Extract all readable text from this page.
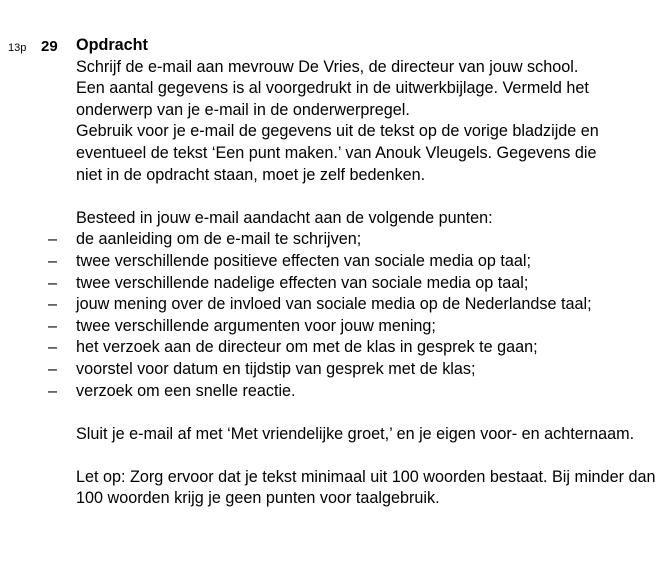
13p 29 Opdracht

Schrijf de e-mail aan mevrouw De Vries, de directeur van jouw school.

Een aantal gegevens is al voorgedrukt in de uitwerkbijlage. Vermeld het

onderwerp van je e-mail in de onderwerpregel.

Gebruik voor je e-mail de gegevens uit de tekst op de vorige bladzijde en

eventueel de tekst ‘Een punt maken.’ van Anouk Vleugels. Gegevens die

niet in de opdracht staan, moet je zelf bedenken.

Besteed in jouw e-mail aandacht aan de volgende punten:

– de aanleiding om de e-mail te schrijven;
– twee verschillende positieve effecten van sociale media op taal;
– twee verschillende nadelige effecten van sociale media op taal;
– jouw mening over de invloed van sociale media op de Nederlandse taal;
– twee verschillende argumenten voor jouw mening;
– het verzoek aan de directeur om met de klas in gesprek te gaan;
– voorstel voor datum en tijdstip van gesprek met de klas;
– verzoek om een snelle reactie.

Sluit je e-mail af met ‘Met vriendelijke groet,’ en je eigen voor- en achternaam.

Let op: Zorg ervoor dat je tekst minimaal uit 100 woorden bestaat. Bij minder dan 100 woorden krijg je geen punten voor taalgebruik.
